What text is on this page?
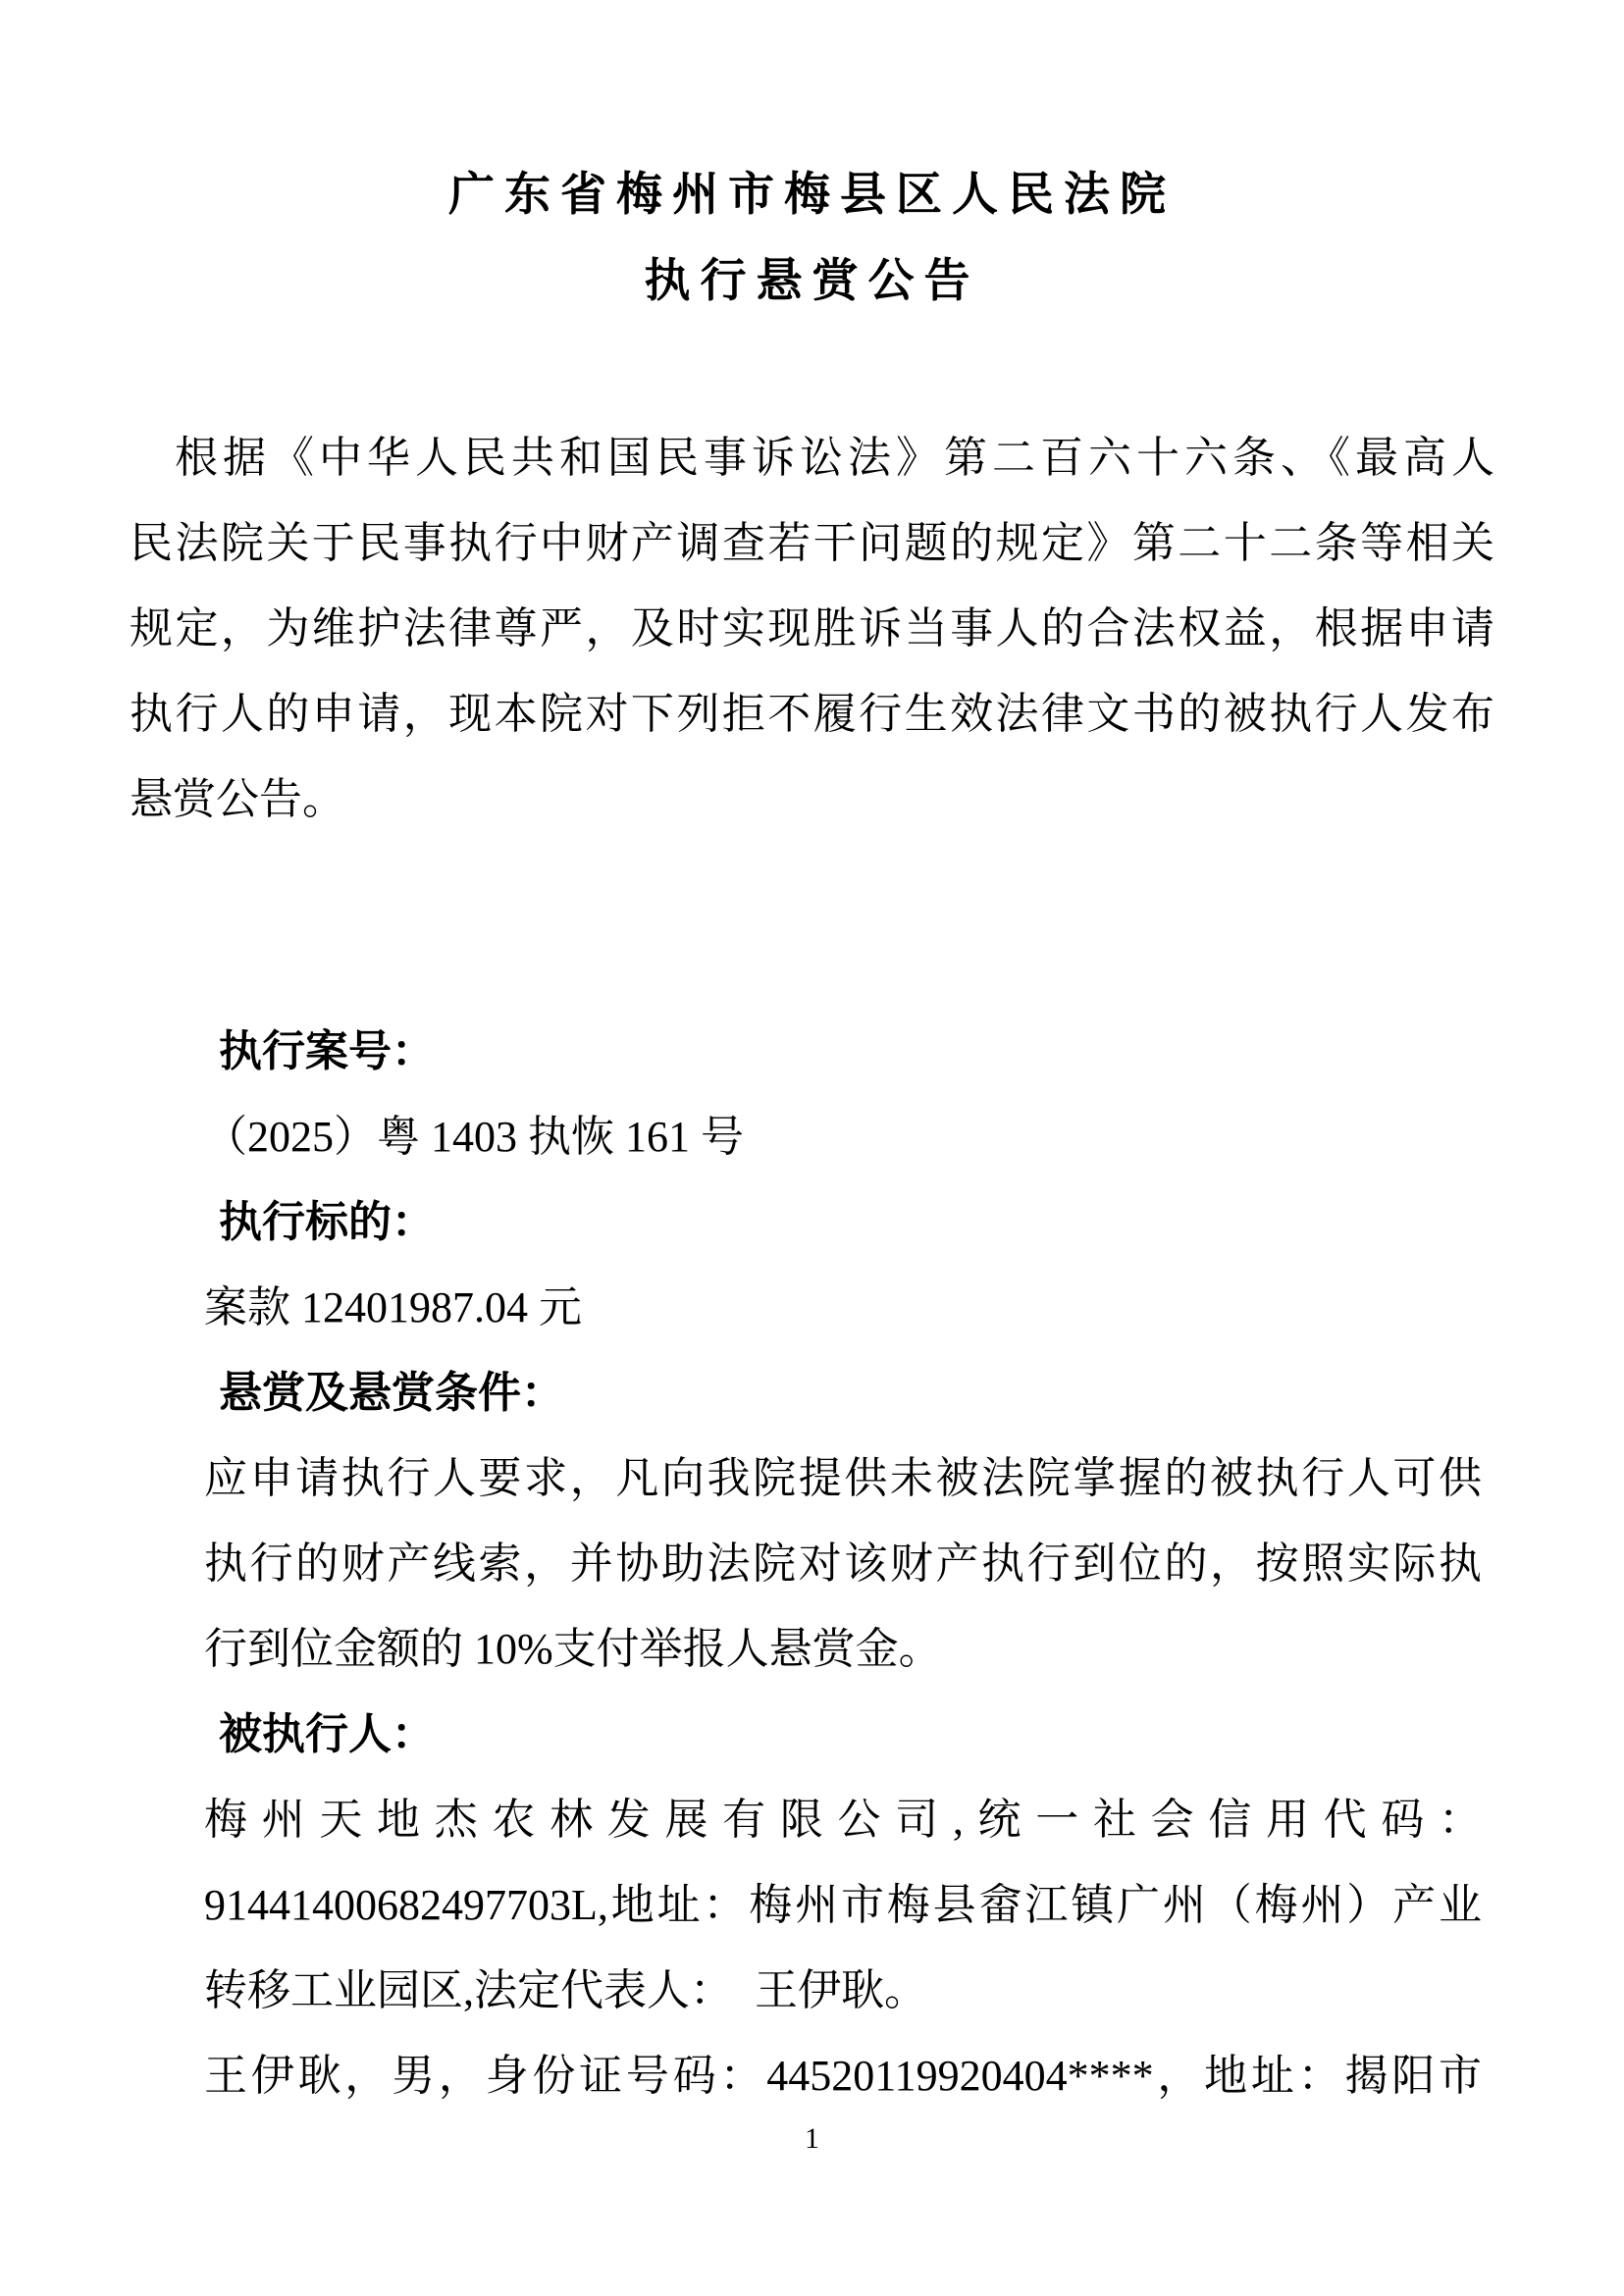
广东省梅州市梅县区人民法院
执行悬赏公告
根据《中华人民共和国民事诉讼法》第二百六十六条、《最高人
民法院关于民事执行中财产调查若干问题的规定》第二十二条等相关
规定，为维护法律尊严，及时实现胜诉当事人的合法权益，根据申请
执行人的申请，现本院对下列拒不履行生效法律文书的被执行人发布
悬赏公告。
执行案号：
（2025）粤 1403 执恢 161 号
执行标的：
案款 12401987.04 元
悬赏及悬赏条件：
应申请执行人要求，凡向我院提供未被法院掌握的被执行人可供
执行的财产线索，并协助法院对该财产执行到位的，按照实际执
行到位金额的 10%支付举报人悬赏金。
被执行人：
梅州天地杰农林发展有限公司,统一社会信用代码：
91441400682497703L,地址：梅州市梅县畲江镇广州（梅州）产业
转移工业园区,法定代表人：　王伊耿。
王伊耿，男，身份证号码：44520119920404****，地址：揭阳市
1
